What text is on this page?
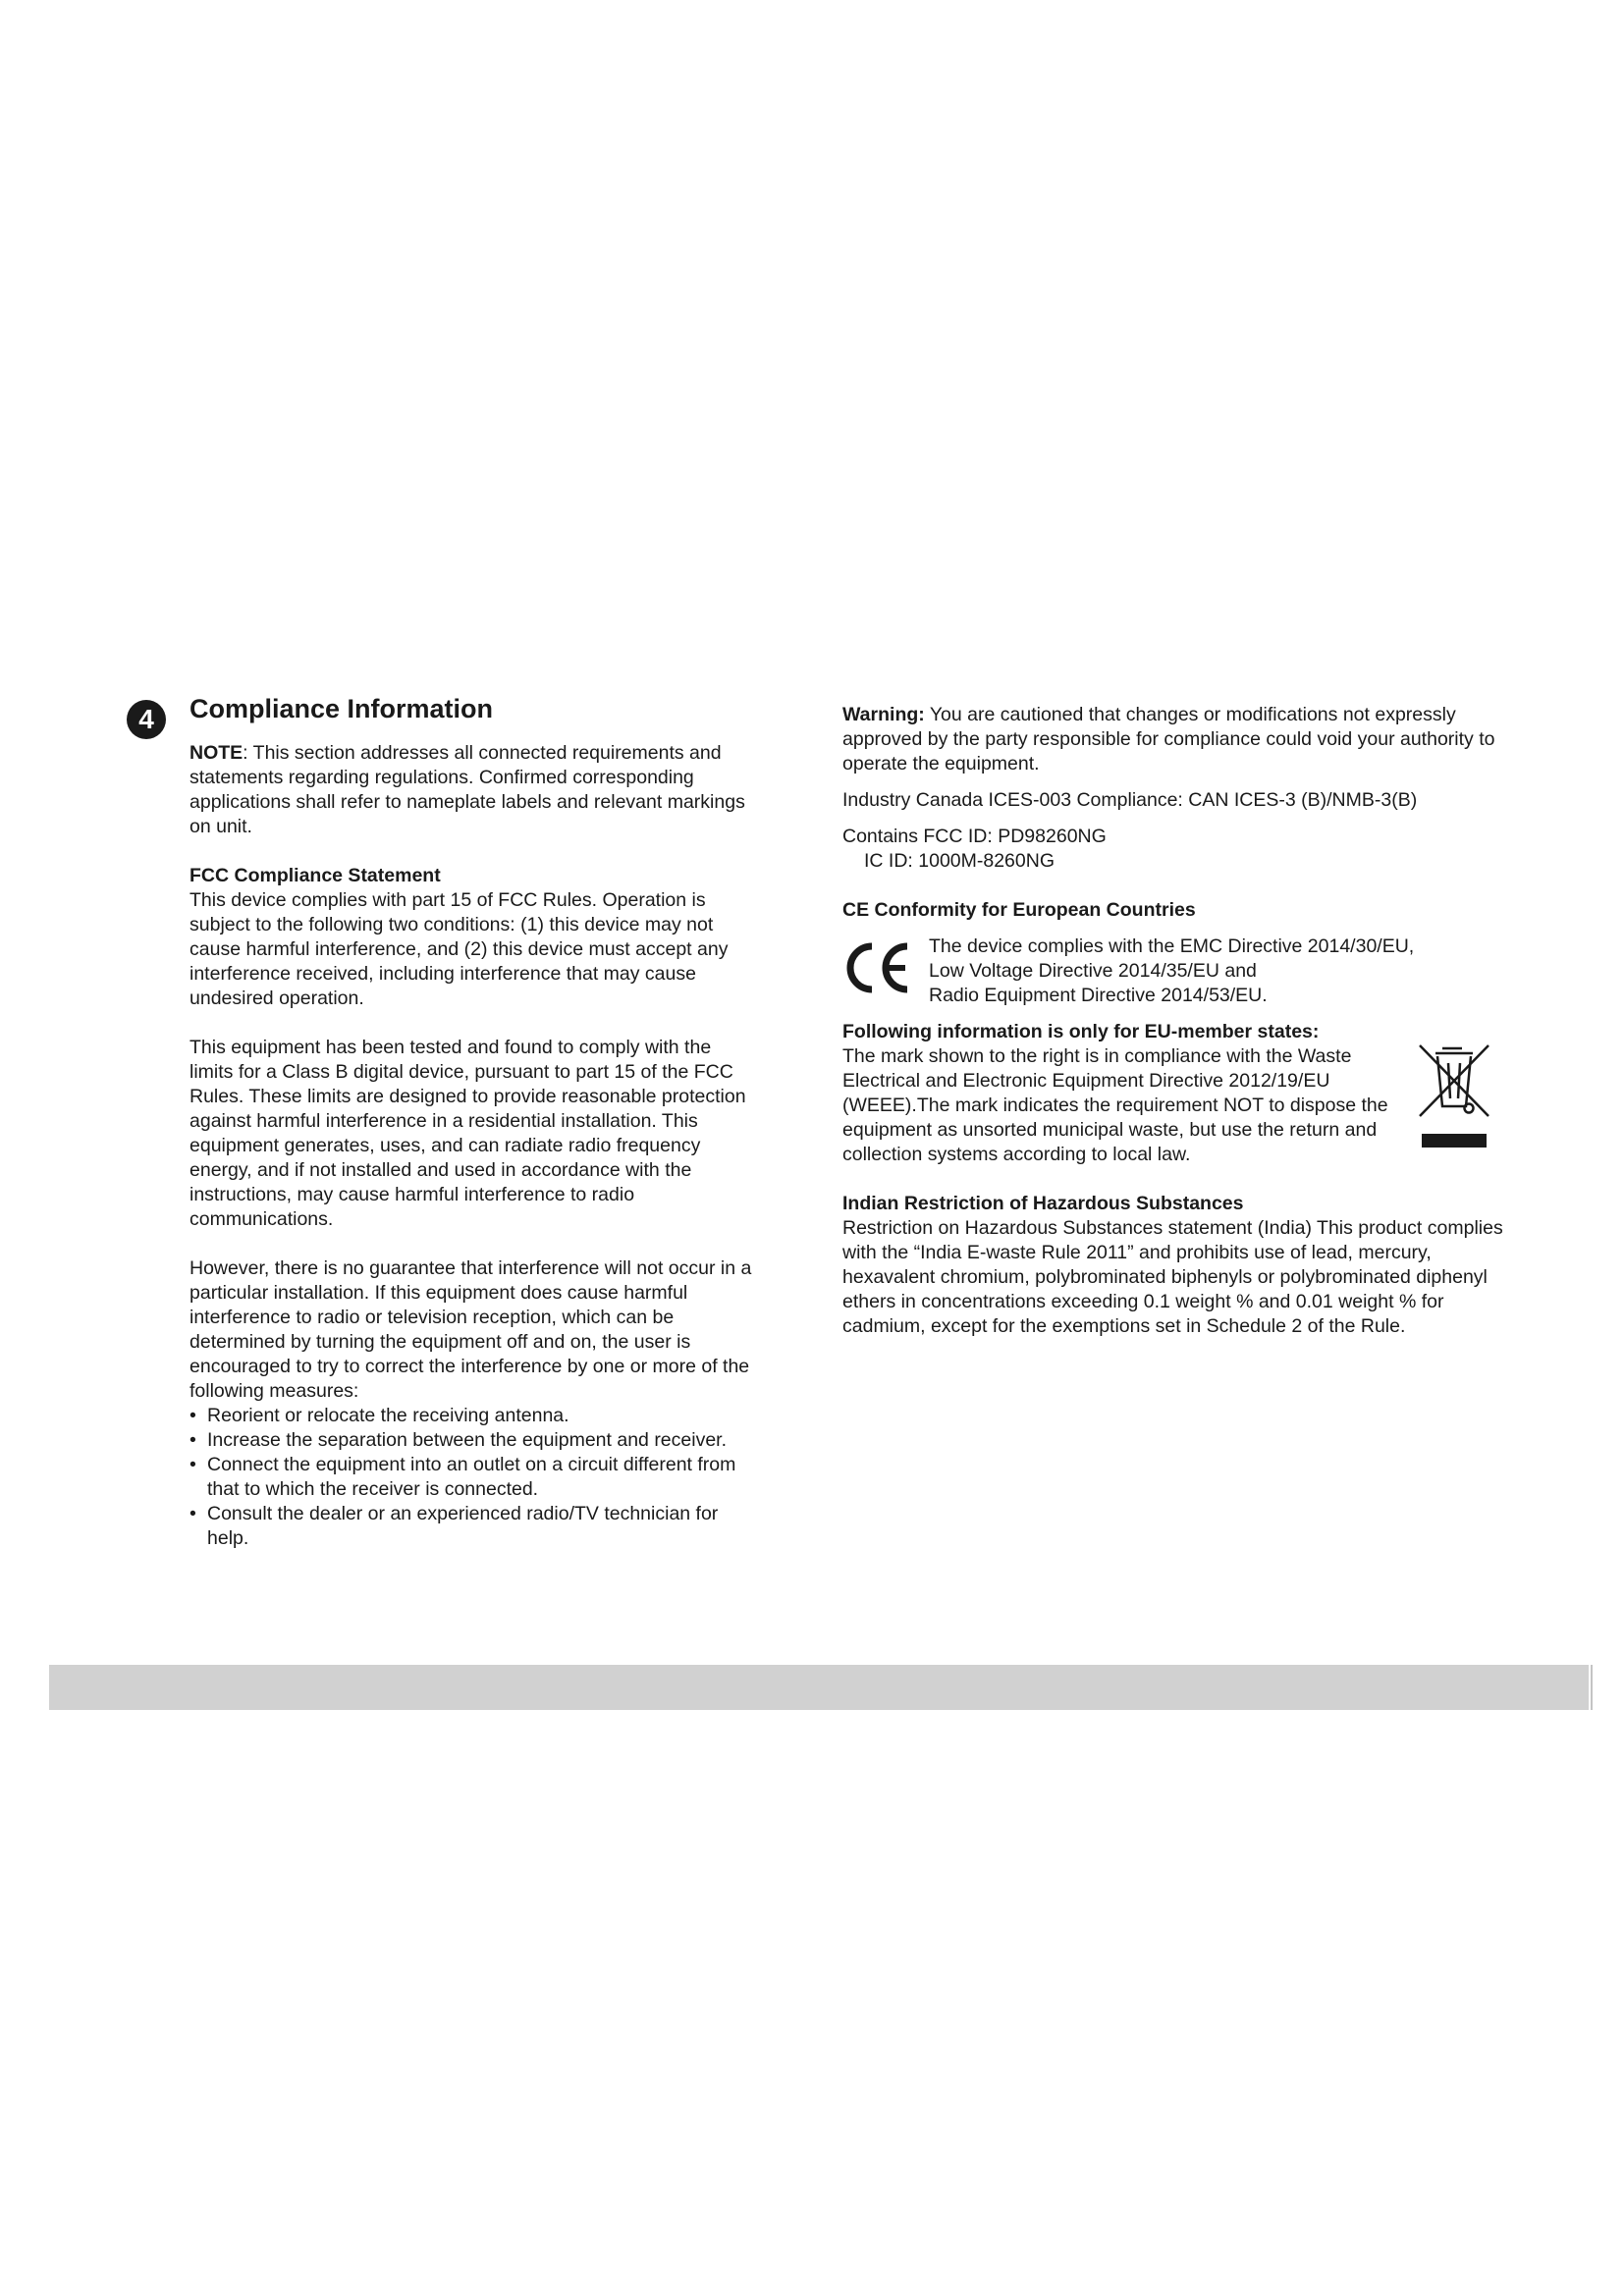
4	Compliance Information

NOTE: This section addresses all connected requirements and statements regarding regulations. Confirmed corresponding applications shall refer to nameplate labels and relevant markings on unit.

FCC Compliance Statement

This device complies with part 15 of FCC Rules. Operation is subject to the following two conditions: (1) this device may not cause harmful interference, and (2) this device must accept any interference received, including interference that may cause undesired operation.

This equipment has been tested and found to comply with the limits for a Class B digital device, pursuant to part 15 of the FCC Rules. These limits are designed to provide reasonable protection against harmful interference in a residential installation. This equipment generates, uses, and can radiate radio frequency energy, and if not installed and used in accordance with the instructions, may cause harmful interference to radio communications.

However, there is no guarantee that interference will not occur in a particular installation. If this equipment does cause harmful interference to radio or television reception, which can be determined by turning the equipment off and on, the user is encouraged to try to correct the interference by one or more of the following measures:

• Reorient or relocate the receiving antenna.
• Increase the separation between the equipment and receiver.
• Connect the equipment into an outlet on a circuit different from that to which the receiver is connected.
• Consult the dealer or an experienced radio/TV technician for help.

Warning: You are cautioned that changes or modifications not expressly approved by the party responsible for compliance could void your authority to operate the equipment.

Industry Canada ICES-003 Compliance: CAN ICES-3 (B)/NMB-3(B)

Contains FCC ID: PD98260NG

IC ID: 1000M-8260NG

CE Conformity for European Countries

The device complies with the EMC Directive 2014/30/EU,

Low Voltage Directive 2014/35/EU and

Radio Equipment Directive 2014/53/EU.

Following information is only for EU-member states:

The mark shown to the right is in compliance with the Waste Electrical and Electronic Equipment Directive 2012/19/EU (WEEE).The mark indicates the requirement NOT to dispose the equipment as unsorted municipal waste, but use the return and collection systems according to local law.

Indian Restriction of Hazardous Substances

Restriction on Hazardous Substances statement (India) This product complies with the “India E-waste Rule 2011” and prohibits use of lead, mercury, hexavalent chromium, polybrominated biphenyls or polybrominated diphenyl ethers in concentrations exceeding 0.1 weight % and 0.01 weight % for cadmium, except for the exemptions set in Schedule 2 of the Rule.
